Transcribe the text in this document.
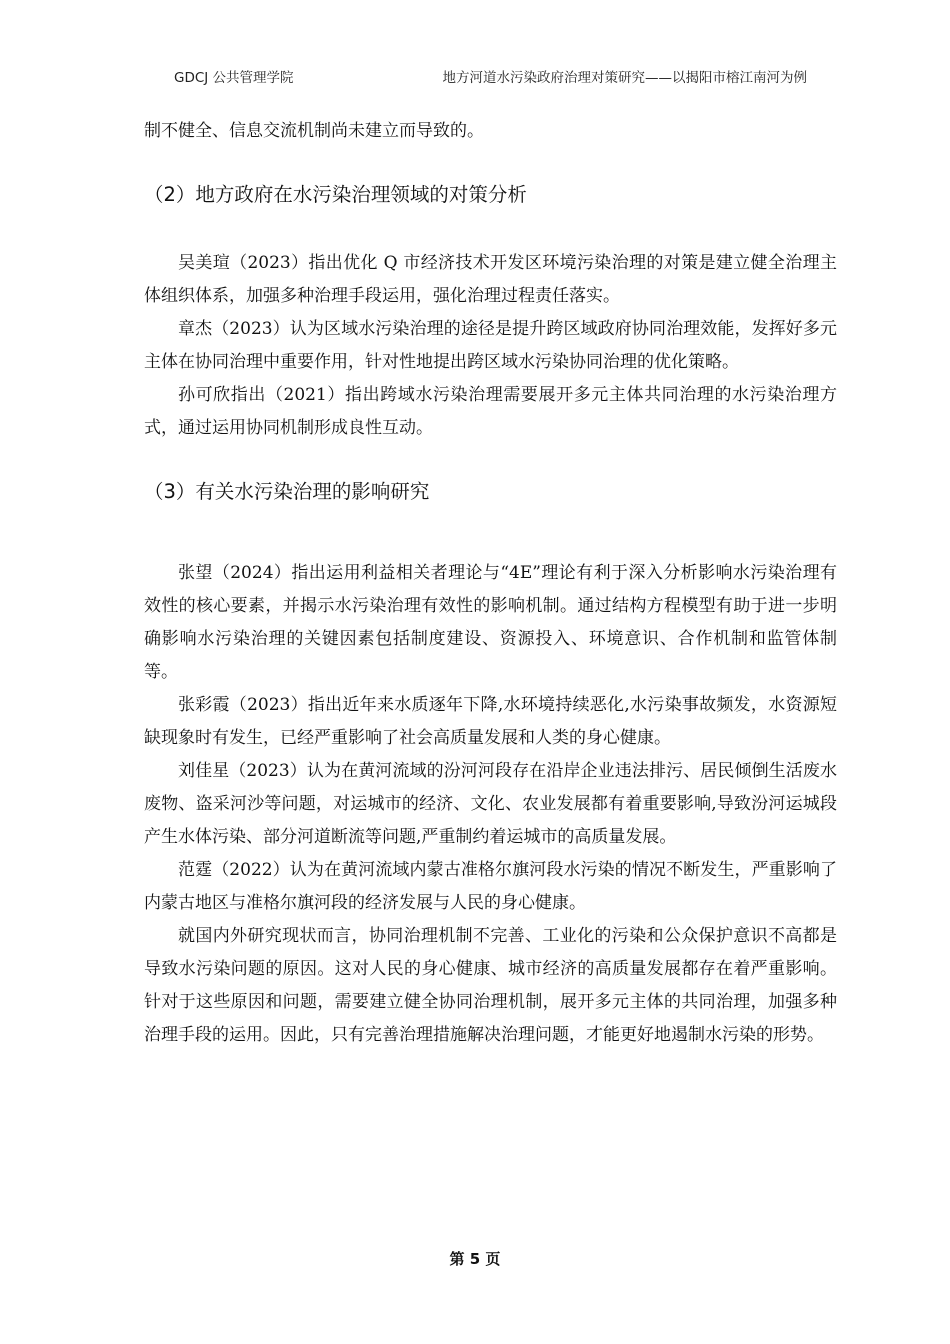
GDCJ 公共管理学院	地方河道水污染政府治理对策研究——以揭阳市榕江南河为例

制不健全、信息交流机制尚未建立而导致的。

（2）地方政府在水污染治理领域的对策分析

吴美瑄（2023）指出优化 Q 市经济技术开发区环境污染治理的对策是建立健全治理主体组织体系，加强多种治理手段运用，强化治理过程责任落实。

章杰（2023）认为区域水污染治理的途径是提升跨区域政府协同治理效能，发挥好多元主体在协同治理中重要作用，针对性地提出跨区域水污染协同治理的优化策略。

孙可欣指出（2021）指出跨域水污染治理需要展开多元主体共同治理的水污染治理方式，通过运用协同机制形成良性互动。

（3）有关水污染治理的影响研究

张望（2024）指出运用利益相关者理论与“4E”理论有利于深入分析影响水污染治理有效性的核心要素，并揭示水污染治理有效性的影响机制。通过结构方程模型有助于进一步明确影响水污染治理的关键因素包括制度建设、资源投入、环境意识、合作机制和监管体制等。

张彩霞（2023）指出近年来水质逐年下降,水环境持续恶化,水污染事故频发，水资源短缺现象时有发生，已经严重影响了社会高质量发展和人类的身心健康。

刘佳星（2023）认为在黄河流域的汾河河段存在沿岸企业违法排污、居民倾倒生活废水废物、盗采河沙等问题，对运城市的经济、文化、农业发展都有着重要影响,导致汾河运城段产生水体污染、部分河道断流等问题,严重制约着运城市的高质量发展。

范霆（2022）认为在黄河流域内蒙古准格尔旗河段水污染的情况不断发生，严重影响了内蒙古地区与准格尔旗河段的经济发展与人民的身心健康。

就国内外研究现状而言，协同治理机制不完善、工业化的污染和公众保护意识不高都是导致水污染问题的原因。这对人民的身心健康、城市经济的高质量发展都存在着严重影响。针对于这些原因和问题，需要建立健全协同治理机制，展开多元主体的共同治理，加强多种治理手段的运用。因此，只有完善治理措施解决治理问题，才能更好地遏制水污染的形势。

第 5 页
